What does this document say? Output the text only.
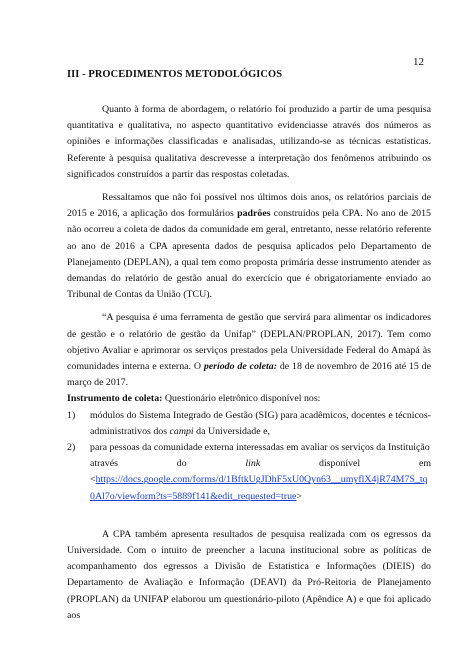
12
III - PROCEDIMENTOS METODOLÓGICOS

Quanto à forma de abordagem, o relatório foi produzido a partir de uma pesquisa quantitativa e qualitativa, no aspecto quantitativo evidenciasse através dos números as opiniões e informações classificadas e analisadas, utilizando-se as técnicas estatísticas. Referente à pesquisa qualitativa descrevesse a interpretação dos fenômenos atribuindo os significados construídos a partir das respostas coletadas.

Ressaltamos que não foi possível nos últimos dois anos, os relatórios parciais de 2015 e 2016, a aplicação dos formulários padrões construídos pela CPA. No ano de 2015 não ocorreu a coleta de dados da comunidade em geral, entretanto, nesse relatório referente ao ano de 2016 a CPA apresenta dados de pesquisa aplicados pelo Departamento de Planejamento (DEPLAN), a qual tem como proposta primária desse instrumento atender as demandas do relatório de gestão anual do exercício que é obrigatoriamente enviado ao Tribunal de Contas da União (TCU).

“A pesquisa é uma ferramenta de gestão que servirá para alimentar os indicadores de gestão e o relatório de gestão da Unifap” (DEPLAN/PROPLAN, 2017). Tem como objetivo Avaliar e aprimorar os serviços prestados pela Universidade Federal do Amapá às comunidades interna e externa. O período de coleta: de 18 de novembro de 2016 até 15 de março de 2017.

Instrumento de coleta: Questionário eletrônico disponível nos:

1) módulos do Sistema Integrado de Gestão (SIG) para acadêmicos, docentes e técnicos-administrativos dos campi da Universidade e,
2) para pessoas da comunidade externa interessadas em avaliar os serviços da Instituição
através	do	link	disponível	em
<https://docs.google.com/forms/d/1BftkUgJDhF5xU0Qyn63__umyflX4jR74M7S_tq0Al7o/viewform?ts=5889f141&edit_requested=true>

A CPA também apresenta resultados de pesquisa realizada com os egressos da Universidade. Com o intuito de preencher a lacuna institucional sobre as políticas de acompanhamento dos egressos a Divisão de Estatística e Informações (DIEIS) do Departamento de Avaliação e Informação (DEAVI) da Pró-Reitoria de Planejamento (PROPLAN) da UNIFAP elaborou um questionário-piloto (Apêndice A) e que foi aplicado aos
